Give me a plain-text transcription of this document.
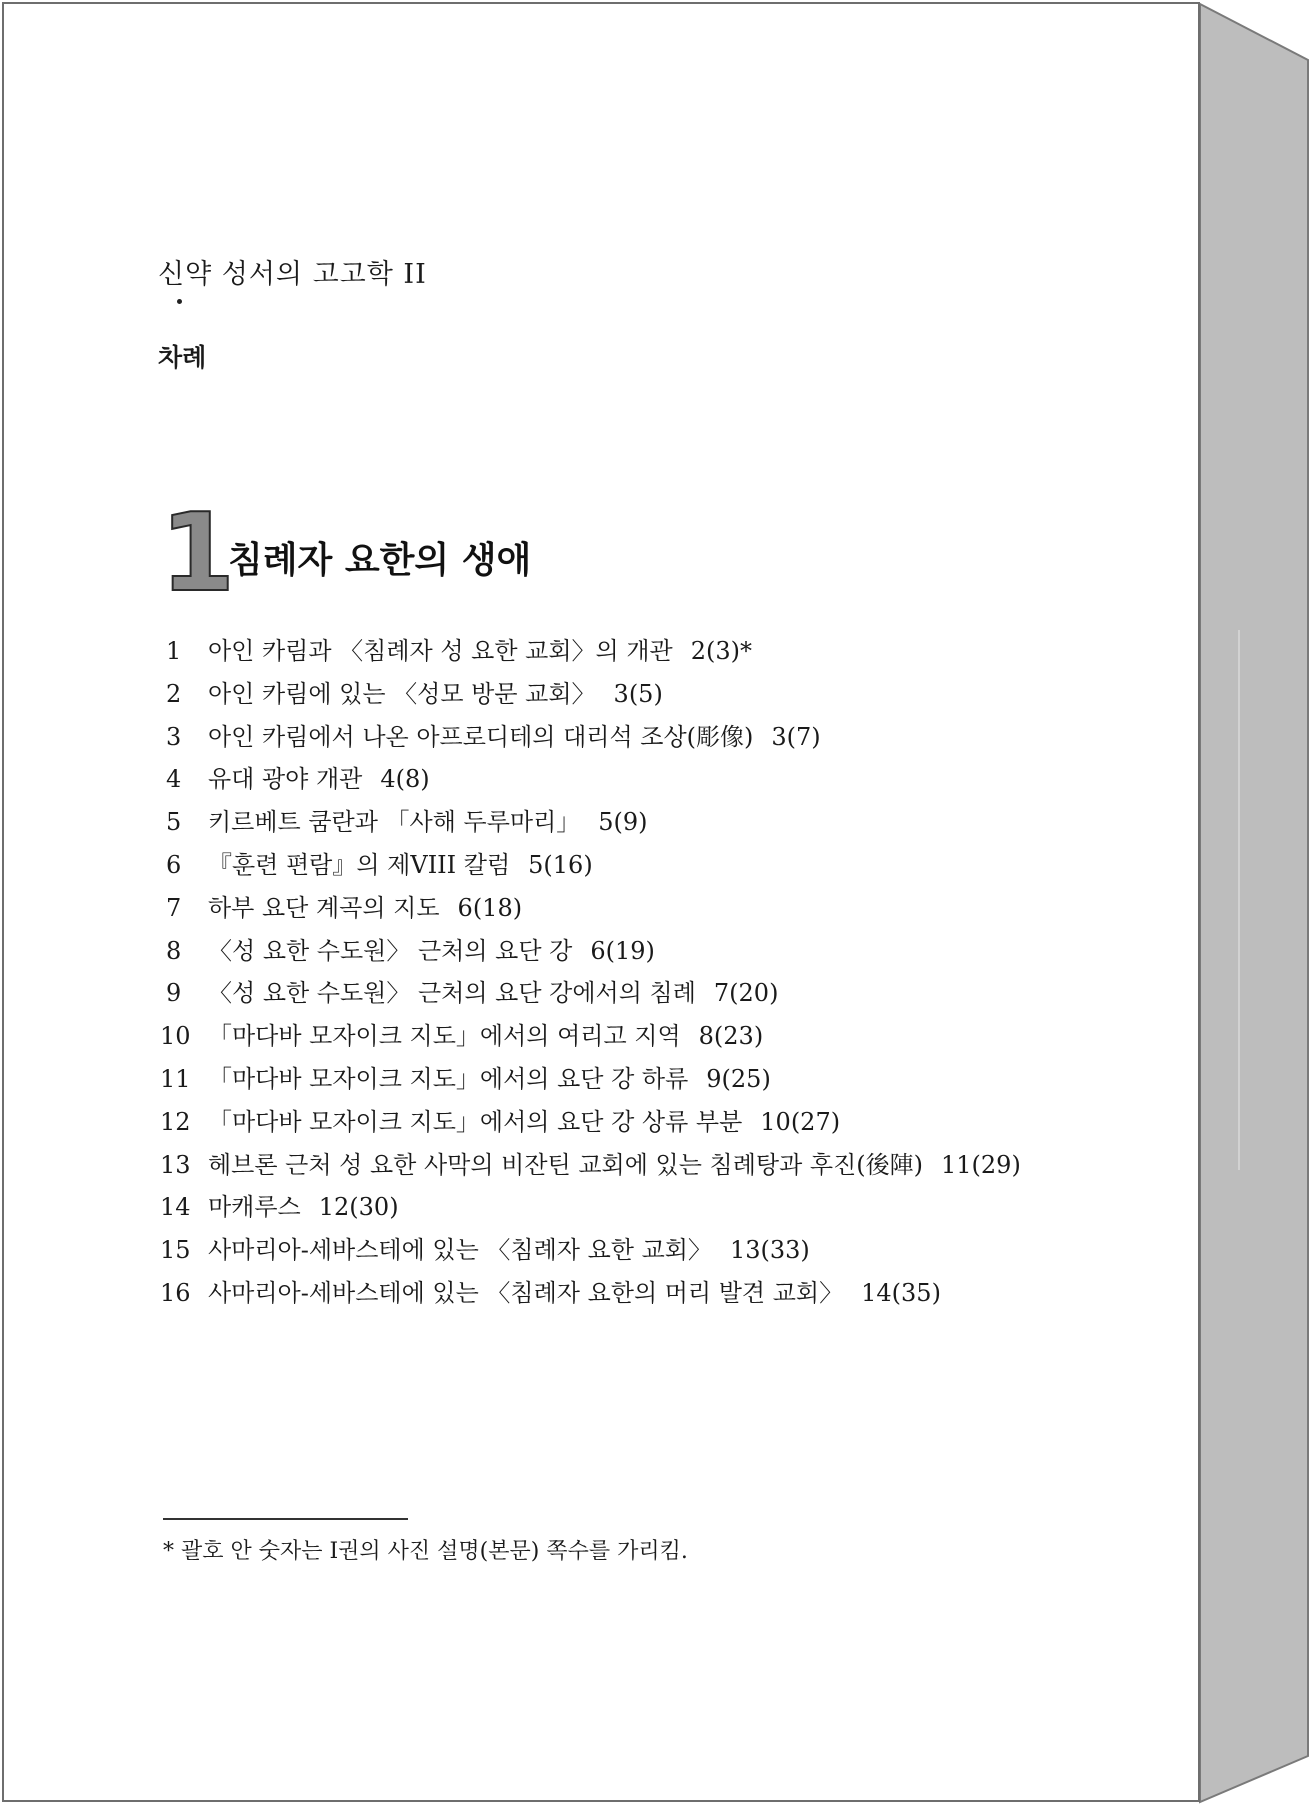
신약 성서의 고고학 II
차례
1
침례자 요한의 생애
1	아인 카림과 〈침례자 성 요한 교회〉의 개관 2(3)*
2	아인 카림에 있는 〈성모 방문 교회〉 3(5)
3	아인 카림에서 나온 아프로디테의 대리석 조상(彫像) 3(7)
4	유대 광야 개관 4(8)
5	키르베트 쿰란과 「사해 두루마리」 5(9)
6	『훈련 편람』의 제VIII 칼럼 5(16)
7	하부 요단 계곡의 지도 6(18)
8	〈성 요한 수도원〉 근처의 요단 강 6(19)
9	〈성 요한 수도원〉 근처의 요단 강에서의 침례 7(20)
10 「마다바 모자이크 지도」에서의 여리고 지역 8(23)
11 「마다바 모자이크 지도」에서의 요단 강 하류 9(25)
12 「마다바 모자이크 지도」에서의 요단 강 상류 부분 10(27)
13 헤브론 근처 성 요한 사막의 비잔틴 교회에 있는 침례탕과 후진(後陣) 11(29)
14 마캐루스 12(30)
15 사마리아-세바스테에 있는 〈침례자 요한 교회〉 13(33)
16 사마리아-세바스테에 있는 〈침례자 요한의 머리 발견 교회〉 14(35)

* 괄호 안 숫자는 I권의 사진 설명(본문) 쪽수를 가리킴.
